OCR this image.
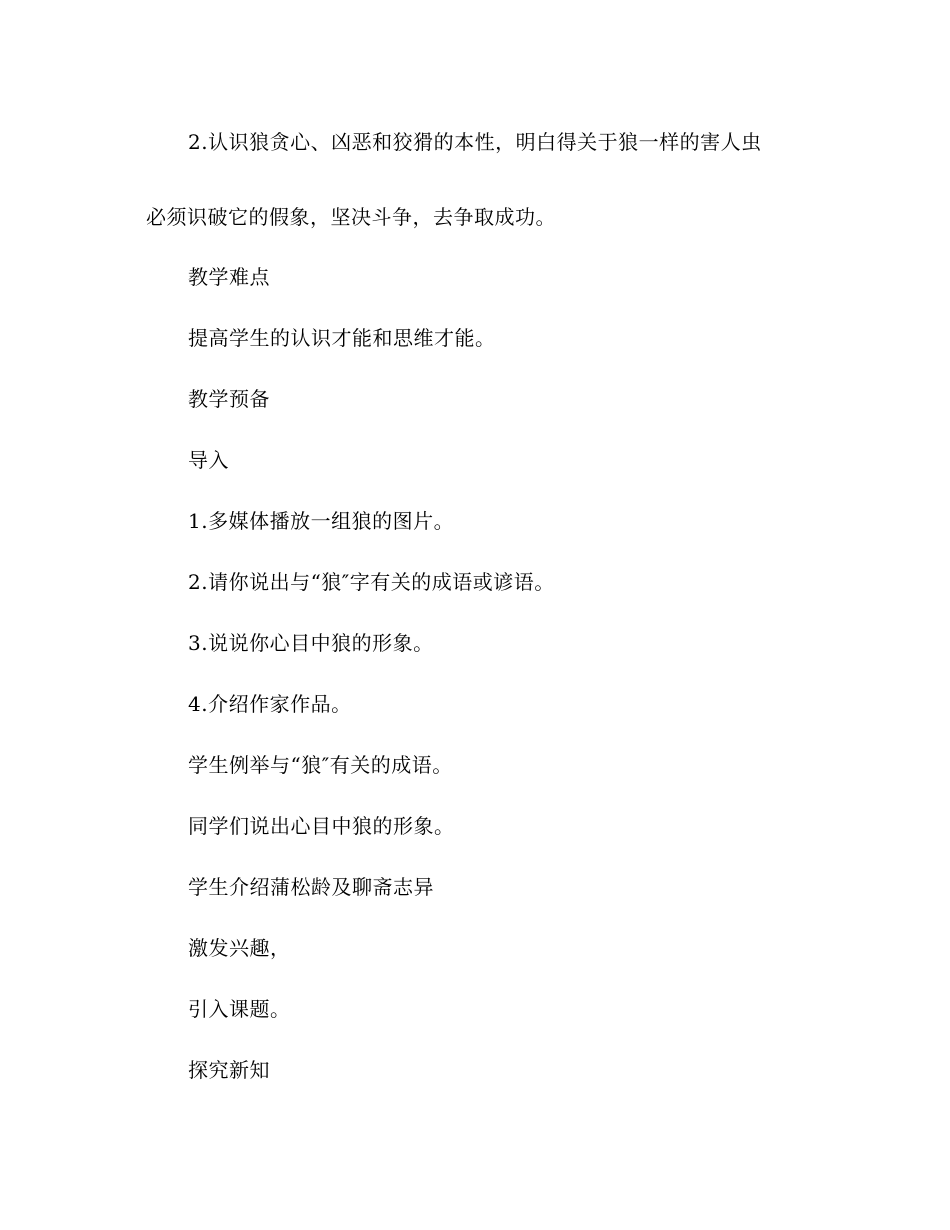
2.认识狼贪心、凶恶和狡猾的本性，明白得关于狼一样的害人虫
必须识破它的假象，坚决斗争，去争取成功。
教学难点
提高学生的认识才能和思维才能。
教学预备
导入
1.多媒体播放一组狼的图片。
2.请你说出与“狼″字有关的成语或谚语。
3.说说你心目中狼的形象。
4.介绍作家作品。
学生例举与“狼″有关的成语。
同学们说出心目中狼的形象。
学生介绍蒲松龄及聊斋志异
激发兴趣，
引入课题。
探究新知
